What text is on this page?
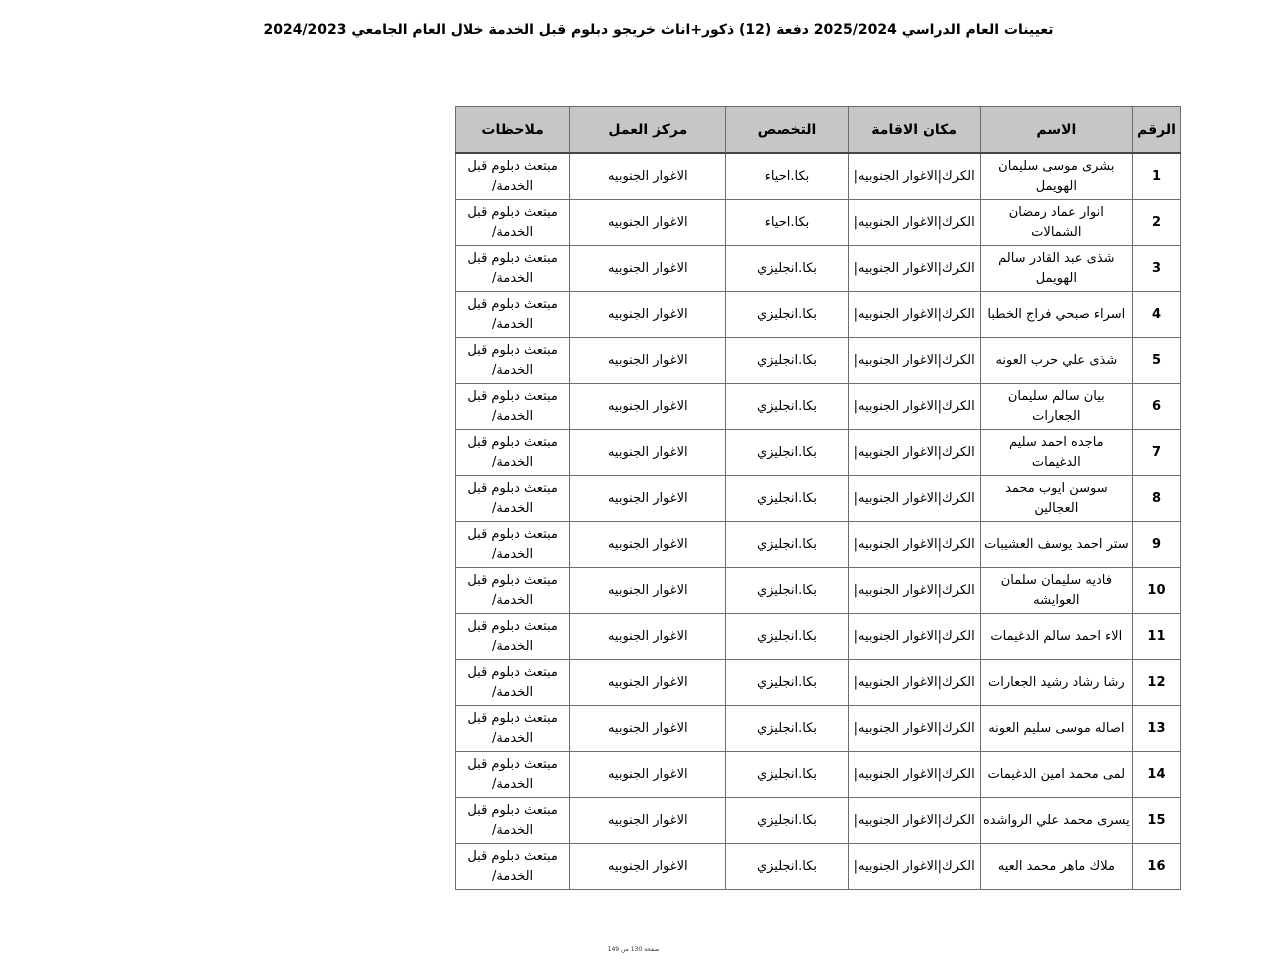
تعيينات العام الدراسي 2025/2024 دفعة (12) ذكور+اناث خريجو دبلوم قبل الخدمة خلال العام الجامعي 2024/2023
الرقم	الاسم	مكان الاقامة	التخصص	مركز العمل	ملاحظات
1	بشرى موسى سليمان الهويمل	الكرك|الاغوار الجنوبيه|	بكا.احياء	الاغوار الجنوبيه	مبتعث دبلوم قبل الخدمة/
2	انوار عماد رمضان الشمالات	الكرك|الاغوار الجنوبيه|	بكا.احياء	الاغوار الجنوبيه	مبتعث دبلوم قبل الخدمة/
3	شذى عبد القادر سالم الهويمل	الكرك|الاغوار الجنوبيه|	بكا.انجليزي	الاغوار الجنوبيه	مبتعث دبلوم قبل الخدمة/
4	اسراء صبحي فراج الخطبا	الكرك|الاغوار الجنوبيه|	بكا.انجليزي	الاغوار الجنوبيه	مبتعث دبلوم قبل الخدمة/
5	شذى علي حرب العونه	الكرك|الاغوار الجنوبيه|	بكا.انجليزي	الاغوار الجنوبيه	مبتعث دبلوم قبل الخدمة/
6	بيان سالم سليمان الجعارات	الكرك|الاغوار الجنوبيه|	بكا.انجليزي	الاغوار الجنوبيه	مبتعث دبلوم قبل الخدمة/
7	ماجده احمد سليم الدغيمات	الكرك|الاغوار الجنوبيه|	بكا.انجليزي	الاغوار الجنوبيه	مبتعث دبلوم قبل الخدمة/
8	سوسن ايوب محمد العجالين	الكرك|الاغوار الجنوبيه|	بكا.انجليزي	الاغوار الجنوبيه	مبتعث دبلوم قبل الخدمة/
9	ستر احمد يوسف العشيبات	الكرك|الاغوار الجنوبيه|	بكا.انجليزي	الاغوار الجنوبيه	مبتعث دبلوم قبل الخدمة/
10	فاديه سليمان سلمان العوايشه	الكرك|الاغوار الجنوبيه|	بكا.انجليزي	الاغوار الجنوبيه	مبتعث دبلوم قبل الخدمة/
11	الاء احمد سالم الدغيمات	الكرك|الاغوار الجنوبيه|	بكا.انجليزي	الاغوار الجنوبيه	مبتعث دبلوم قبل الخدمة/
12	رشا رشاد رشيد الجعارات	الكرك|الاغوار الجنوبيه|	بكا.انجليزي	الاغوار الجنوبيه	مبتعث دبلوم قبل الخدمة/
13	اصاله موسى سليم العونه	الكرك|الاغوار الجنوبيه|	بكا.انجليزي	الاغوار الجنوبيه	مبتعث دبلوم قبل الخدمة/
14	لمى محمد امين الدغيمات	الكرك|الاغوار الجنوبيه|	بكا.انجليزي	الاغوار الجنوبيه	مبتعث دبلوم قبل الخدمة/
15	يسرى محمد علي الرواشده	الكرك|الاغوار الجنوبيه|	بكا.انجليزي	الاغوار الجنوبيه	مبتعث دبلوم قبل الخدمة/
16	ملاك ماهر محمد العيه	الكرك|الاغوار الجنوبيه|	بكا.انجليزي	الاغوار الجنوبيه	مبتعث دبلوم قبل الخدمة/
صفحة 130 من 149
